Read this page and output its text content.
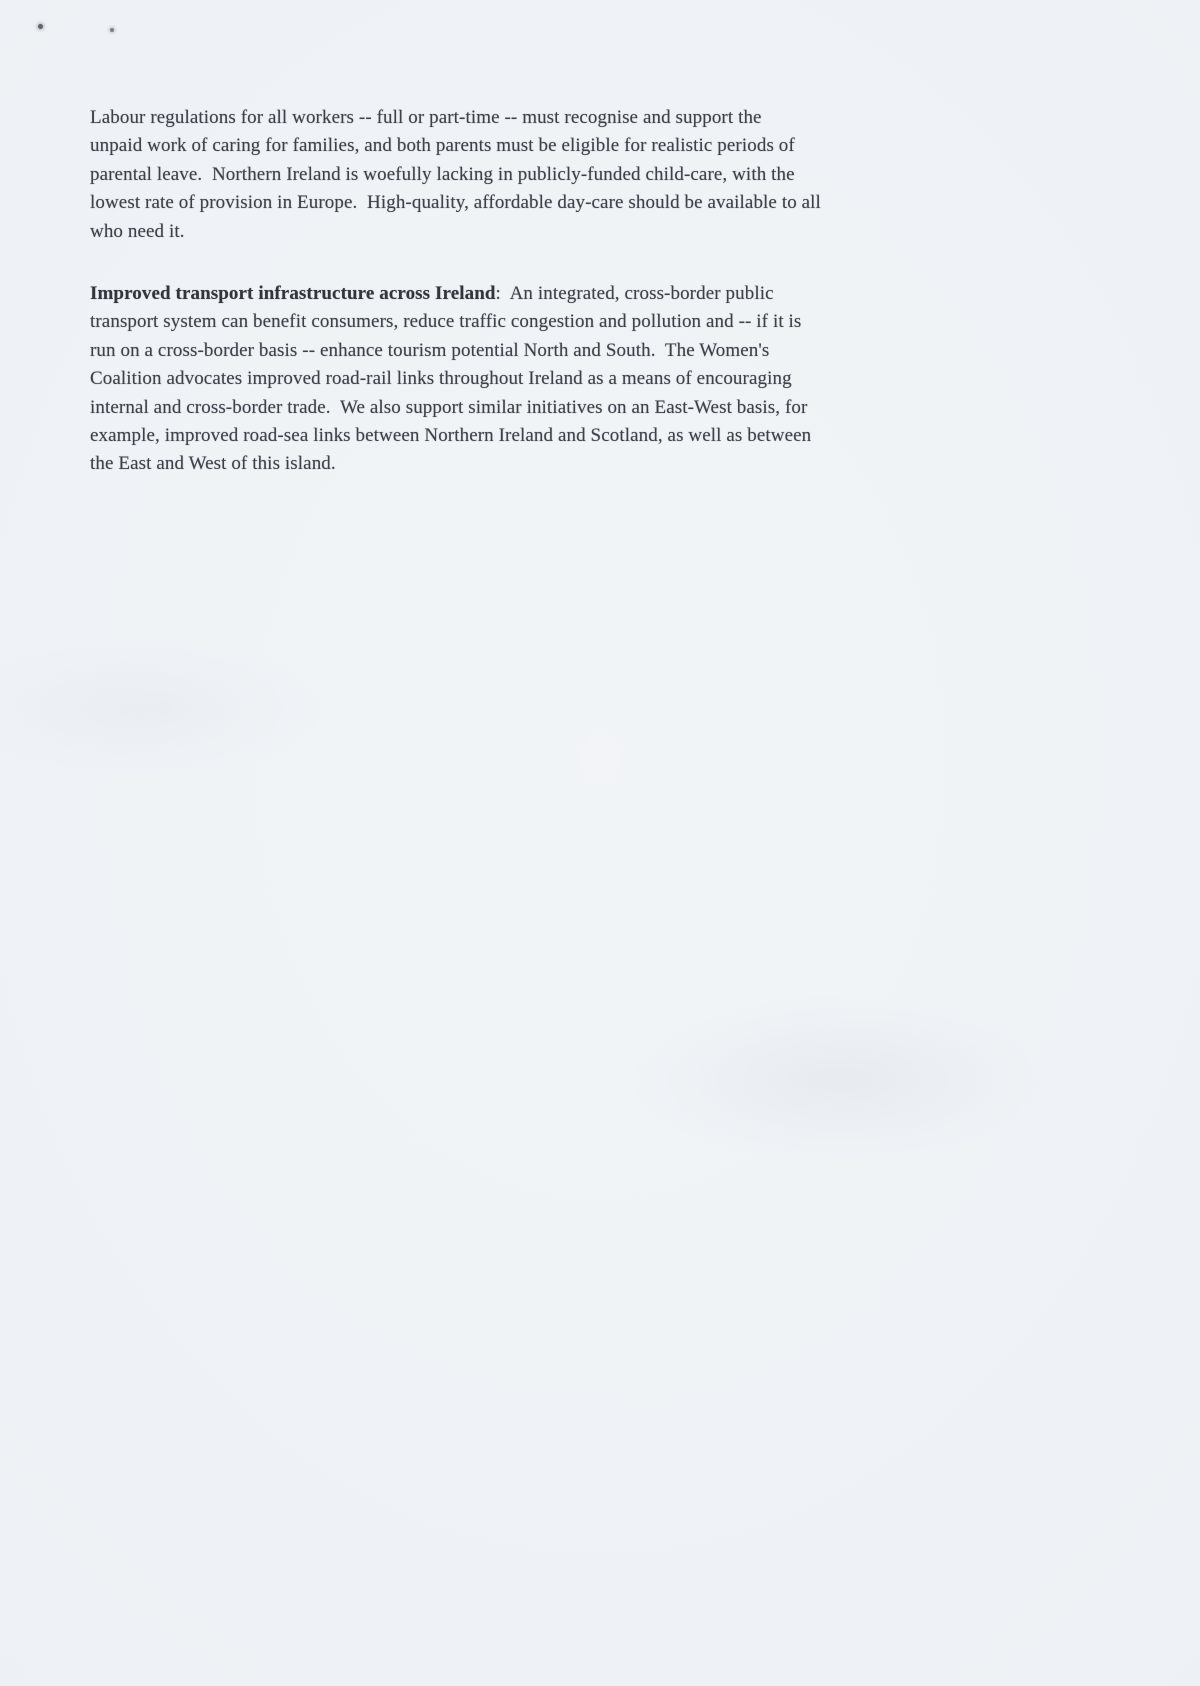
Labour regulations for all workers -- full or part-time -- must recognise and support the
unpaid work of caring for families, and both parents must be eligible for realistic periods of
parental leave.  Northern Ireland is woefully lacking in publicly-funded child-care, with the
lowest rate of provision in Europe.  High-quality, affordable day-care should be available to all
who need it.
Improved transport infrastructure across Ireland:  An integrated, cross-border public
transport system can benefit consumers, reduce traffic congestion and pollution and -- if it is
run on a cross-border basis -- enhance tourism potential North and South.  The Women's
Coalition advocates improved road-rail links throughout Ireland as a means of encouraging
internal and cross-border trade.  We also support similar initiatives on an East-West basis, for
example, improved road-sea links between Northern Ireland and Scotland, as well as between
the East and West of this island.
